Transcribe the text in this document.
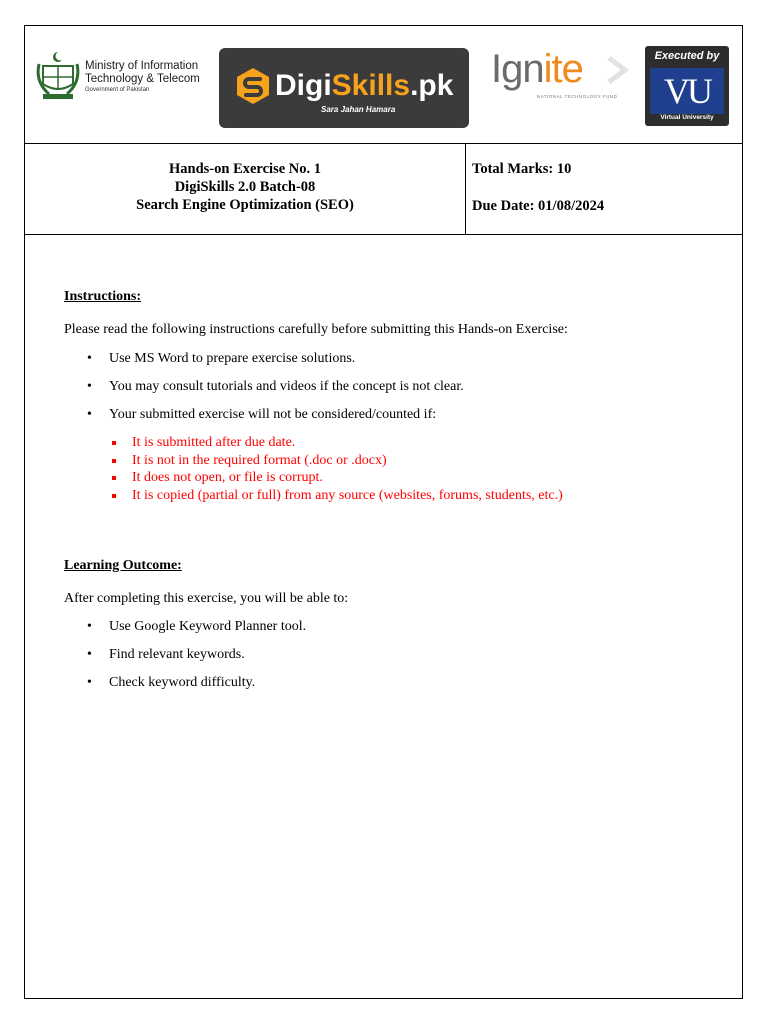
Ministry of Information
Technology & Telecom
Government of Pakistan	DigiSkills.pk
Sara Jahan Hamara
Ignite
NATIONAL TECHNOLOGY FUND
Executed by
VU
Virtual University
Hands-on Exercise No. 1
DigiSkills 2.0 Batch-08
Search Engine Optimization (SEO)
Total Marks: 10
Due Date: 01/08/2024
Instructions:

Please read the following instructions carefully before submitting this Hands-on Exercise:

• Use MS Word to prepare exercise solutions.
• You may consult tutorials and videos if the concept is not clear.
• Your submitted exercise will not be considered/counted if:
It is submitted after due date.
It is not in the required format (.doc or .docx)
It does not open, or file is corrupt.
It is copied (partial or full) from any source (websites, forums, students, etc.)
Learning Outcome:

After completing this exercise, you will be able to:

• Use Google Keyword Planner tool.
• Find relevant keywords.
• Check keyword difficulty.
